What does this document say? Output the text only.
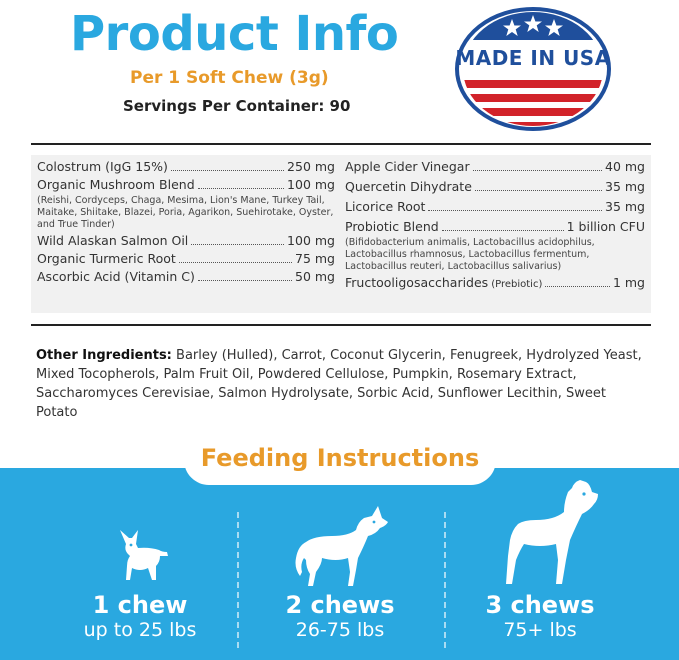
Product Info
Per 1 Soft Chew (3g)
Servings Per Container: 90
MADE IN USA
Colostrum (IgG 15%)	250 mg
Organic Mushroom Blend	100 mg
(Reishi, Cordyceps, Chaga, Mesima, Lion's Mane, Turkey Tail, Maitake, Shiitake, Blazei, Poria, Agarikon, Suehirotake, Oyster, and True Tinder)
Wild Alaskan Salmon Oil	100 mg
Organic Turmeric Root	75 mg
Ascorbic Acid (Vitamin C)	50 mg
Apple Cider Vinegar	40 mg
Quercetin Dihydrate	35 mg
Licorice Root	35 mg
Probiotic Blend	1 billion CFU
(Bifidobacterium animalis, Lactobacillus acidophilus, Lactobacillus rhamnosus, Lactobacillus fermentum, Lactobacillus reuteri, Lactobacillus salivarius)
Fructooligosaccharides (Prebiotic)	1 mg
Other Ingredients: Barley (Hulled), Carrot, Coconut Glycerin, Fenugreek, Hydrolyzed Yeast, Mixed Tocopherols, Palm Fruit Oil, Powdered Cellulose, Pumpkin, Rosemary Extract, Saccharomyces Cerevisiae, Salmon Hydrolysate, Sorbic Acid, Sunflower Lecithin, Sweet Potato
Feeding Instructions
1 chew
up to 25 lbs
2 chews
26-75 lbs
3 chews
75+ lbs
